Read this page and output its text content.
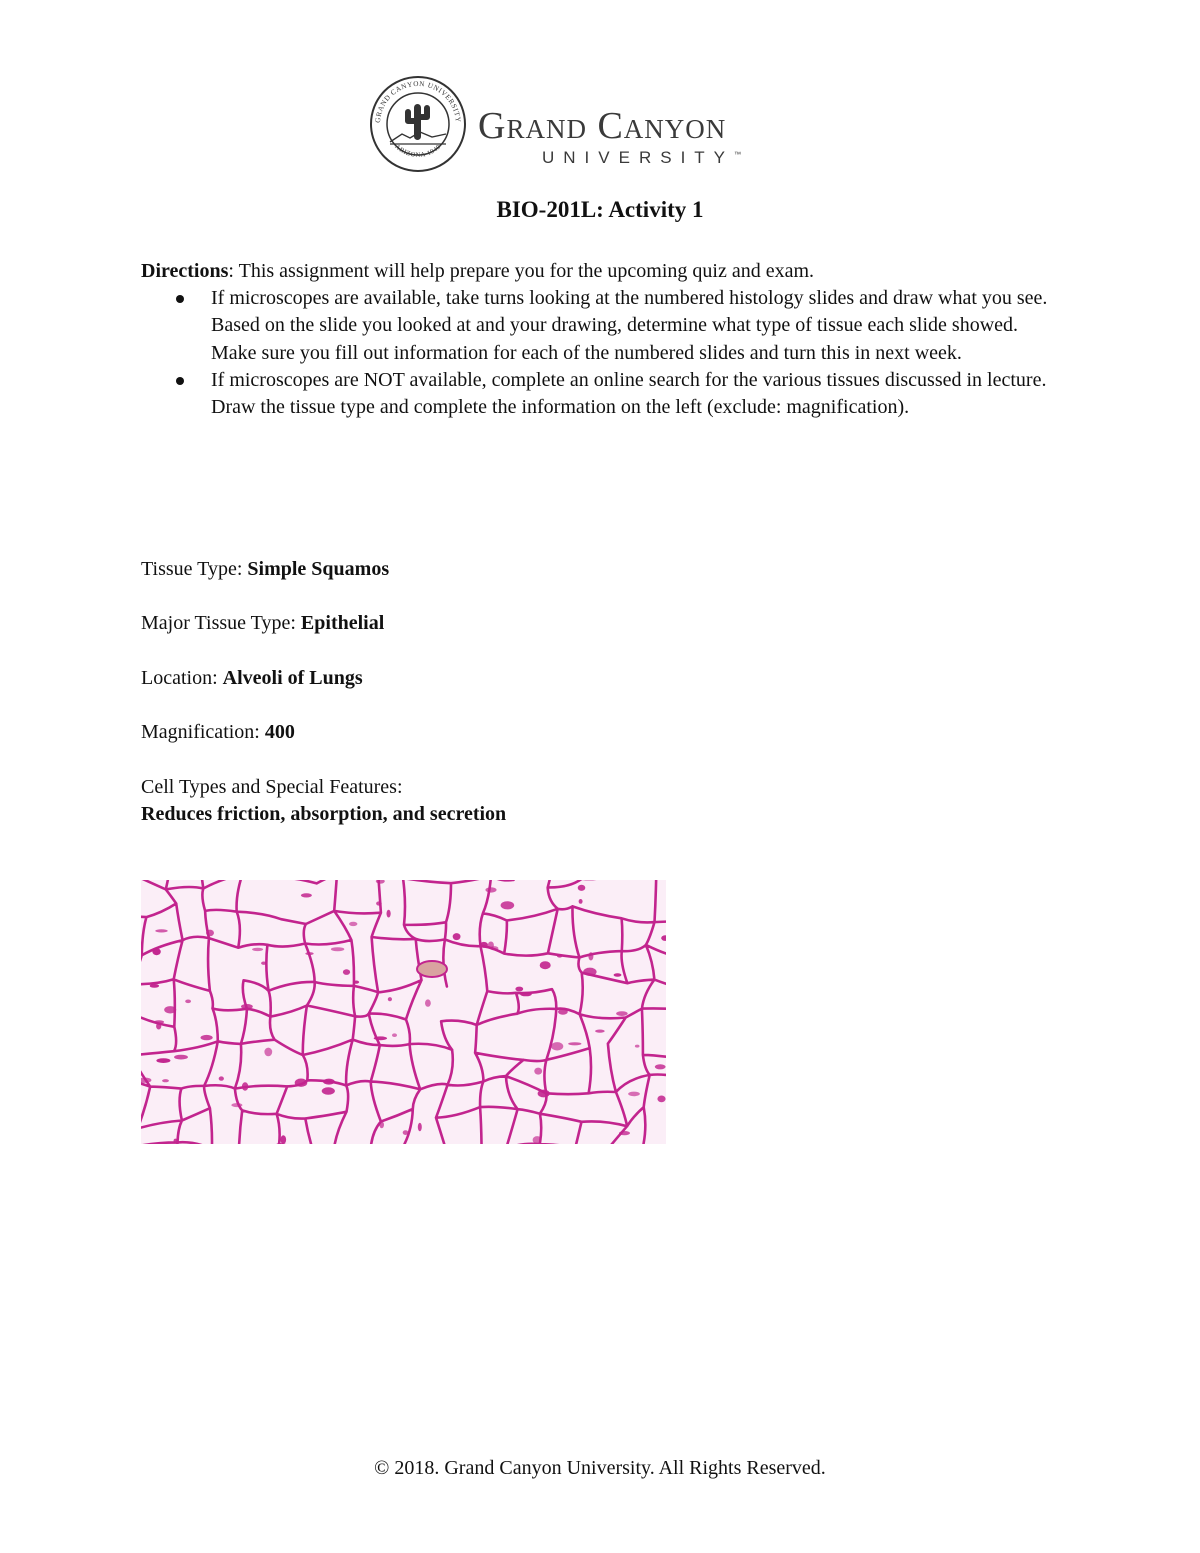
GRAND CANYON UNIVERSITY
ARIZONA 1949
Grand Canyon
UNIVERSITY™
BIO-201L: Activity 1
Directions: This assignment will help prepare you for the upcoming quiz and exam.
If microscopes are available, take turns looking at the numbered histology slides and draw what you see. Based on the slide you looked at and your drawing, determine what type of tissue each slide showed. Make sure you fill out information for each of the numbered slides and turn this in next week.
If microscopes are NOT available, complete an online search for the various tissues discussed in lecture. Draw the tissue type and complete the information on the left (exclude: magnification).
Tissue Type: Simple Squamos
Major Tissue Type: Epithelial
Location: Alveoli of Lungs
Magnification: 400
Cell Types and Special Features:
Reduces friction, absorption, and secretion
© 2018. Grand Canyon University. All Rights Reserved.
